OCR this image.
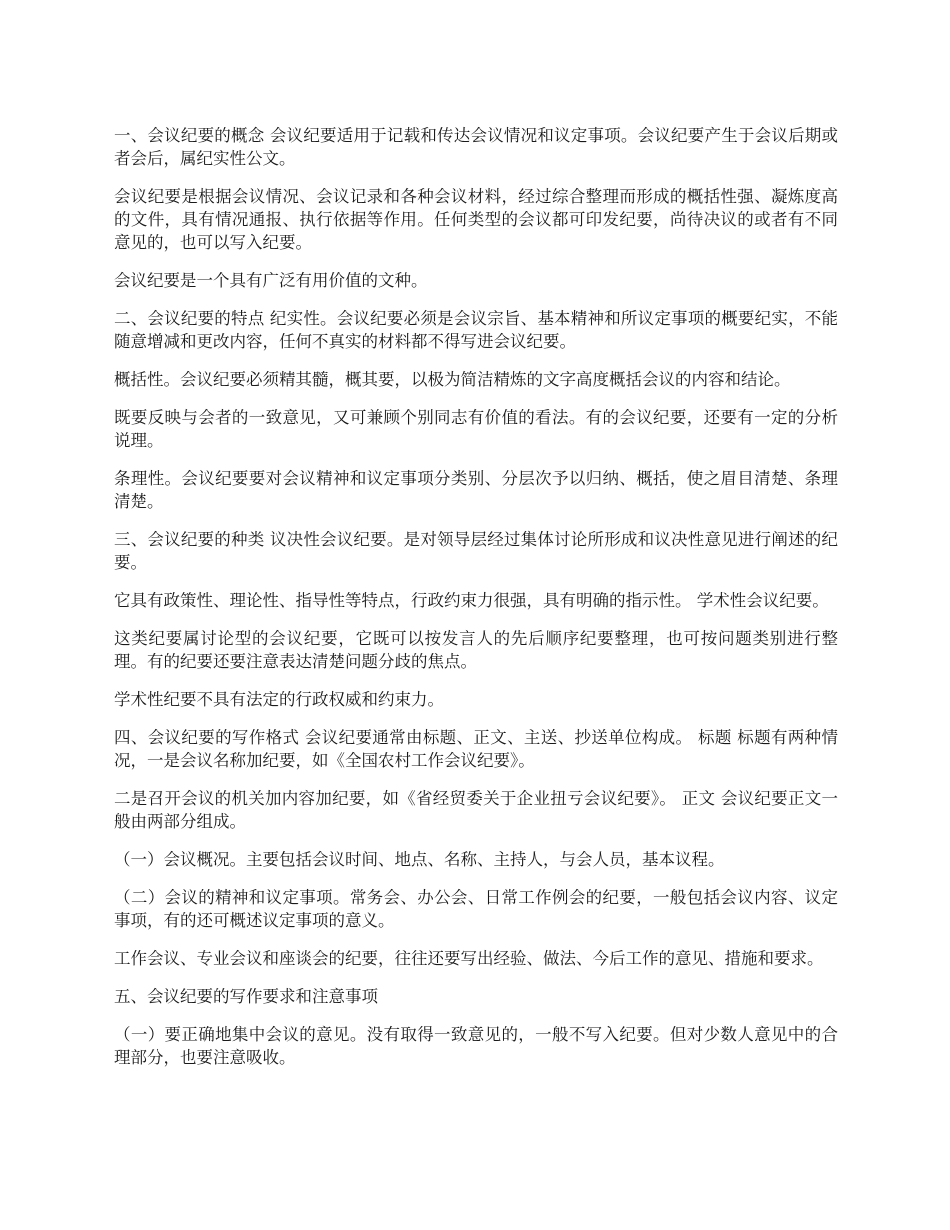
一、会议纪要的概念 会议纪要适用于记载和传达会议情况和议定事项。会议纪要产生于会议后期或者会后，属纪实性公文。

会议纪要是根据会议情况、会议记录和各种会议材料，经过综合整理而形成的概括性强、凝炼度高的文件，具有情况通报、执行依据等作用。任何类型的会议都可印发纪要，尚待决议的或者有不同意见的，也可以写入纪要。

会议纪要是一个具有广泛有用价值的文种。

二、会议纪要的特点 纪实性。会议纪要必须是会议宗旨、基本精神和所议定事项的概要纪实，不能随意增减和更改内容，任何不真实的材料都不得写进会议纪要。

概括性。会议纪要必须精其髓，概其要，以极为简洁精炼的文字高度概括会议的内容和结论。

既要反映与会者的一致意见，又可兼顾个别同志有价值的看法。有的会议纪要，还要有一定的分析说理。

条理性。会议纪要要对会议精神和议定事项分类别、分层次予以归纳、概括，使之眉目清楚、条理清楚。

三、会议纪要的种类 议决性会议纪要。是对领导层经过集体讨论所形成和议决性意见进行阐述的纪要。

它具有政策性、理论性、指导性等特点，行政约束力很强，具有明确的指示性。 学术性会议纪要。

这类纪要属讨论型的会议纪要，它既可以按发言人的先后顺序纪要整理，也可按问题类别进行整理。有的纪要还要注意表达清楚问题分歧的焦点。

学术性纪要不具有法定的行政权威和约束力。

四、会议纪要的写作格式 会议纪要通常由标题、正文、主送、抄送单位构成。 标题 标题有两种情况，一是会议名称加纪要，如《全国农村工作会议纪要》。

二是召开会议的机关加内容加纪要，如《省经贸委关于企业扭亏会议纪要》。 正文 会议纪要正文一般由两部分组成。

（一）会议概况。主要包括会议时间、地点、名称、主持人，与会人员，基本议程。

（二）会议的精神和议定事项。常务会、办公会、日常工作例会的纪要，一般包括会议内容、议定事项，有的还可概述议定事项的意义。

工作会议、专业会议和座谈会的纪要，往往还要写出经验、做法、今后工作的意见、措施和要求。

五、会议纪要的写作要求和注意事项

（一）要正确地集中会议的意见。没有取得一致意见的，一般不写入纪要。但对少数人意见中的合理部分，也要注意吸收。
